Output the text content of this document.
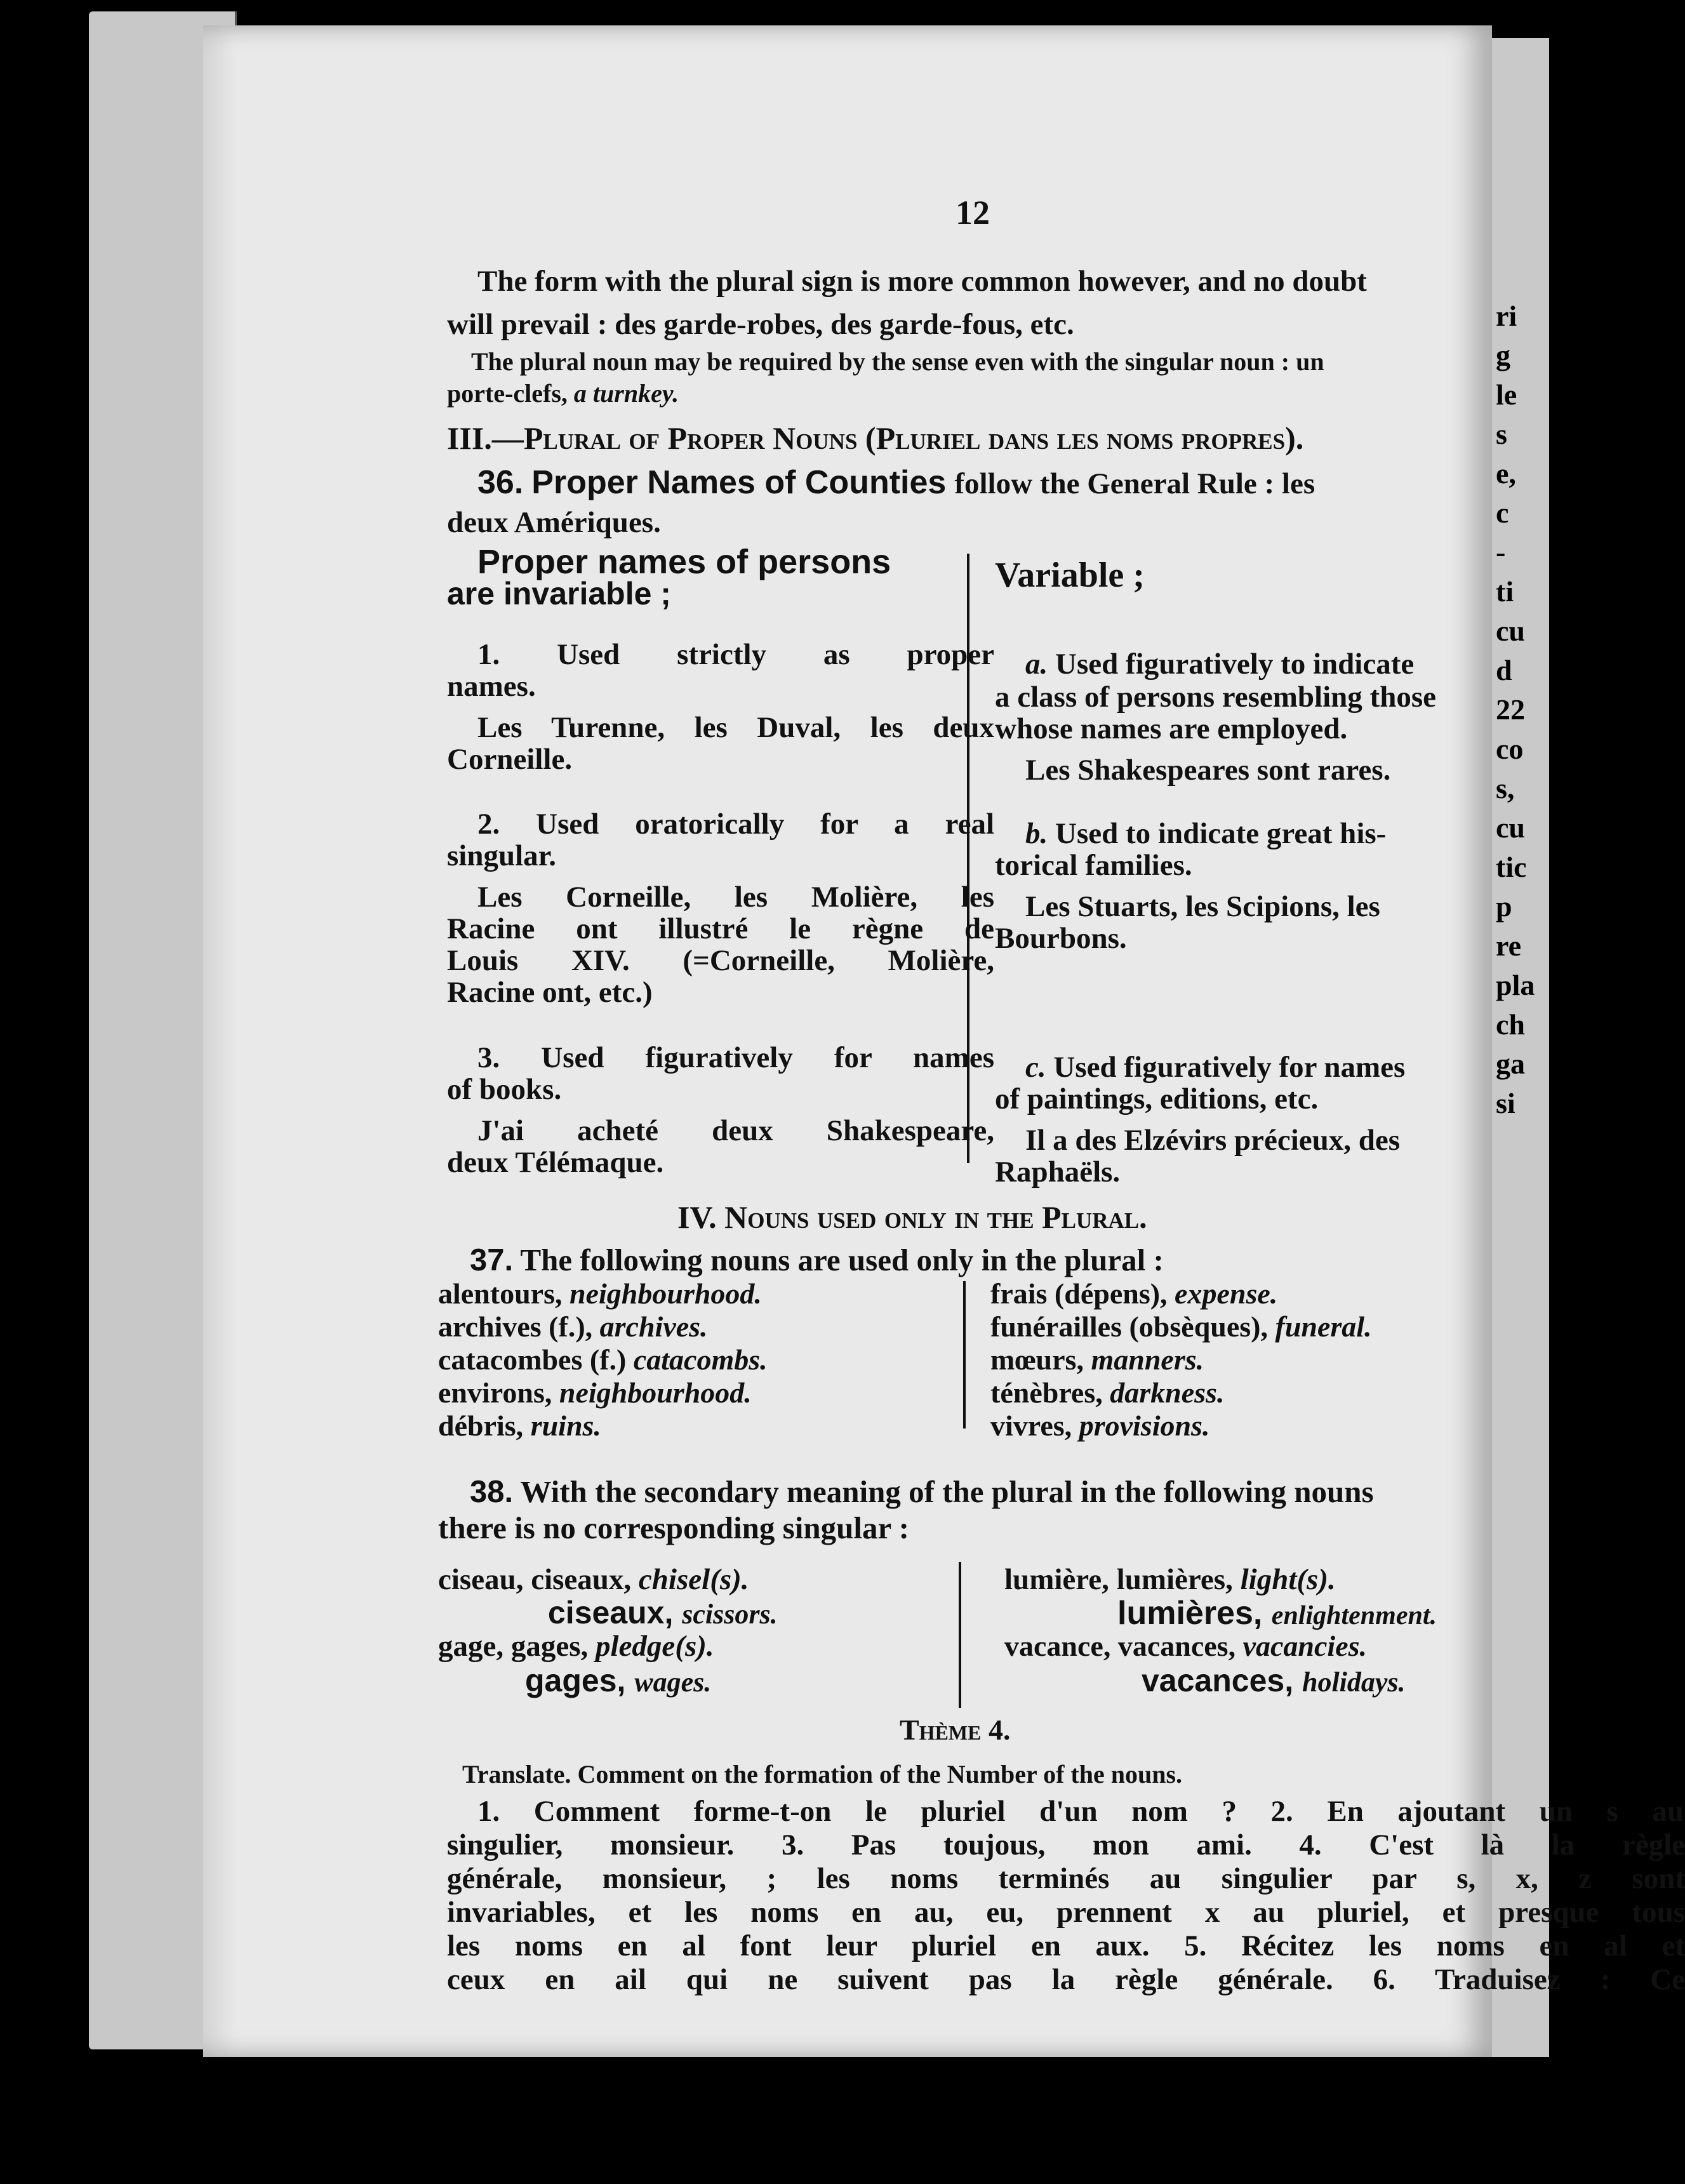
ri
g
le
s
e,
c
-
ti
cu
d
22
co
s,
cu
tic
p
re
pla
ch
ga
si
12
The form with the plural sign is more common however, and no doubt
will prevail : des garde-robes, des garde-fous, etc.
The plural noun may be required by the sense even with the singular noun : un
porte-clefs, a turnkey.
III.—Plural of Proper Nouns (Pluriel dans les noms propres).
36. Proper Names of Counties follow the General Rule : les
deux Amériques.
Proper names of persons
are invariable ;	Variable ;
1. Used strictly as proper
names.
Les Turenne, les Duval, les deux
Corneille.
2. Used oratorically for a real
singular.
Les Corneille, les Molière, les
Racine ont illustré le règne de
Louis XIV. (=Corneille, Molière,
Racine ont, etc.)
3. Used figuratively for names
of books.
J'ai acheté deux Shakespeare,
deux Télémaque.
a. Used figuratively to indicate
a class of persons resembling those
whose names are employed.
Les Shakespeares sont rares.
b. Used to indicate great his-
torical families.
Les Stuarts, les Scipions, les
Bourbons.
c. Used figuratively for names
of paintings, editions, etc.
Il a des Elzévirs précieux, des
Raphaëls.
IV. Nouns used only in the Plural.
37. The following nouns are used only in the plural :
alentours, neighbourhood.
archives (f.), archives.
catacombes (f.) catacombs.
environs, neighbourhood.
débris, ruins.
frais (dépens), expense.
funérailles (obsèques), funeral.
mœurs, manners.
ténèbres, darkness.
vivres, provisions.
38. With the secondary meaning of the plural in the following nouns
there is no corresponding singular :
ciseau, ciseaux, chisel(s).
ciseaux, scissors.
gage, gages, pledge(s).
gages, wages.
lumière, lumières, light(s).
lumières, enlightenment.
vacance, vacances, vacancies.
vacances, holidays.
Thème 4.
Translate. Comment on the formation of the Number of the nouns.
1. Comment forme-t-on le pluriel d'un nom ? 2. En ajoutant un s au
singulier, monsieur. 3. Pas toujous, mon ami. 4. C'est là la règle
générale, monsieur, ; les noms terminés au singulier par s, x, z sont
invariables, et les noms en au, eu, prennent x au pluriel, et presque tous
les noms en al font leur pluriel en aux. 5. Récitez les noms en al et
ceux en ail qui ne suivent pas la règle générale. 6. Traduisez : Ce
